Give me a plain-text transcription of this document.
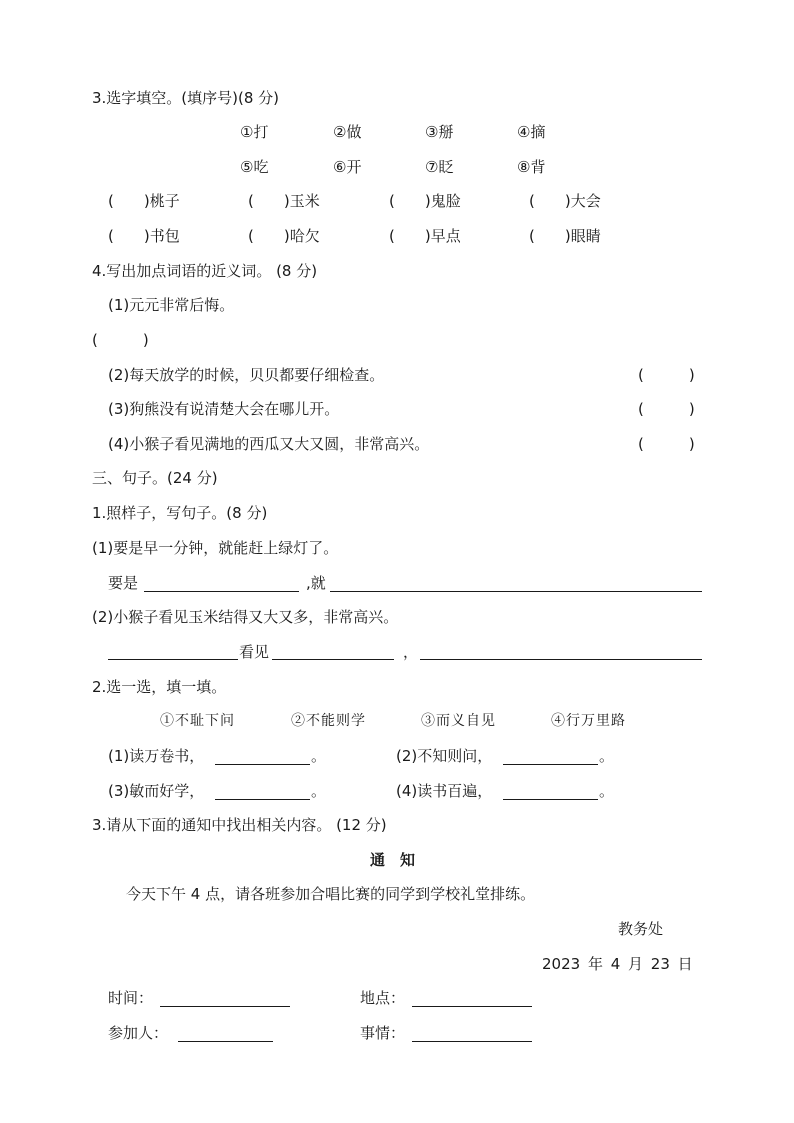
3.选字填空。(填序号)(8 分)
①打	②做	③掰	④摘
⑤吃	⑥开	⑦眨	⑧背
(　　)桃子	(　　)玉米	(　　)鬼脸	(　　)大会
(　　)书包	(　　)哈欠	(　　)早点	(　　)眼睛
4.写出加点词语的近义词。 (8 分)
(1)元元非常后悔。
(　　　)
(2)每天放学的时候，贝贝都要仔细检查。	(　　　)
(3)狗熊没有说清楚大会在哪儿开。	(　　　)
(4)小猴子看见满地的西瓜又大又圆，非常高兴。	(　　　)
三、句子。(24 分)
1.照样子，写句子。(8 分)
(1)要是早一分钟，就能赶上绿灯了。
要是	,就
(2)小猴子看见玉米结得又大又多，非常高兴。
看见	，
2.选一选，填一填。
①不耻下问	②不能则学	③而义自见	④行万里路
(1)读万卷书，	。	(2)不知则问，	。
(3)敏而好学，	。	(4)读书百遍，	。
3.请从下面的通知中找出相关内容。 (12 分)
通　知
今天下午 4 点，请各班参加合唱比赛的同学到学校礼堂排练。
教务处
2023 年 4 月 23 日
时间：	地点：
参加人：	事情：
